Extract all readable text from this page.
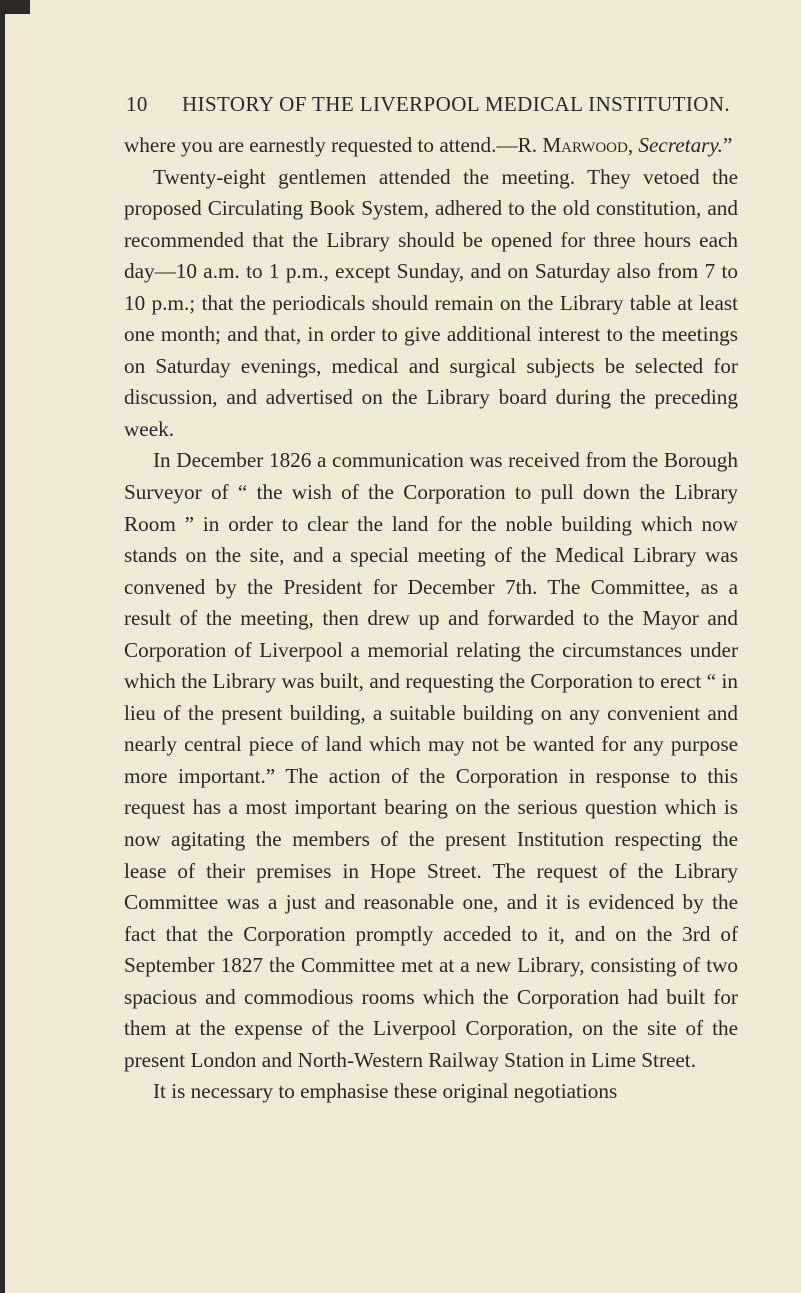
10 HISTORY OF THE LIVERPOOL MEDICAL INSTITUTION.

where you are earnestly requested to attend.—R. Marwood, Secretary.”

Twenty-eight gentlemen attended the meeting. They vetoed the proposed Circulating Book System, adhered to the old constitution, and recommended that the Library should be opened for three hours each day—10 a.m. to 1 p.m., except Sunday, and on Saturday also from 7 to 10 p.m.; that the periodicals should remain on the Library table at least one month; and that, in order to give additional interest to the meetings on Saturday evenings, medical and surgical subjects be selected for discussion, and advertised on the Library board during the preceding week.

In December 1826 a communication was received from the Borough Surveyor of “ the wish of the Corporation to pull down the Library Room ” in order to clear the land for the noble building which now stands on the site, and a special meeting of the Medical Library was convened by the President for December 7th. The Committee, as a result of the meeting, then drew up and forwarded to the Mayor and Corporation of Liverpool a memorial relating the circumstances under which the Library was built, and requesting the Corporation to erect “ in lieu of the present building, a suitable building on any convenient and nearly central piece of land which may not be wanted for any purpose more important.” The action of the Corporation in response to this request has a most important bearing on the serious question which is now agitating the members of the present Institution respecting the lease of their premises in Hope Street. The request of the Library Committee was a just and reasonable one, and it is evidenced by the fact that the Corporation promptly acceded to it, and on the 3rd of September 1827 the Committee met at a new Library, consisting of two spacious and commodious rooms which the Corporation had built for them at the expense of the Liverpool Corporation, on the site of the present London and North-Western Railway Station in Lime Street.

It is necessary to emphasise these original negotiations
